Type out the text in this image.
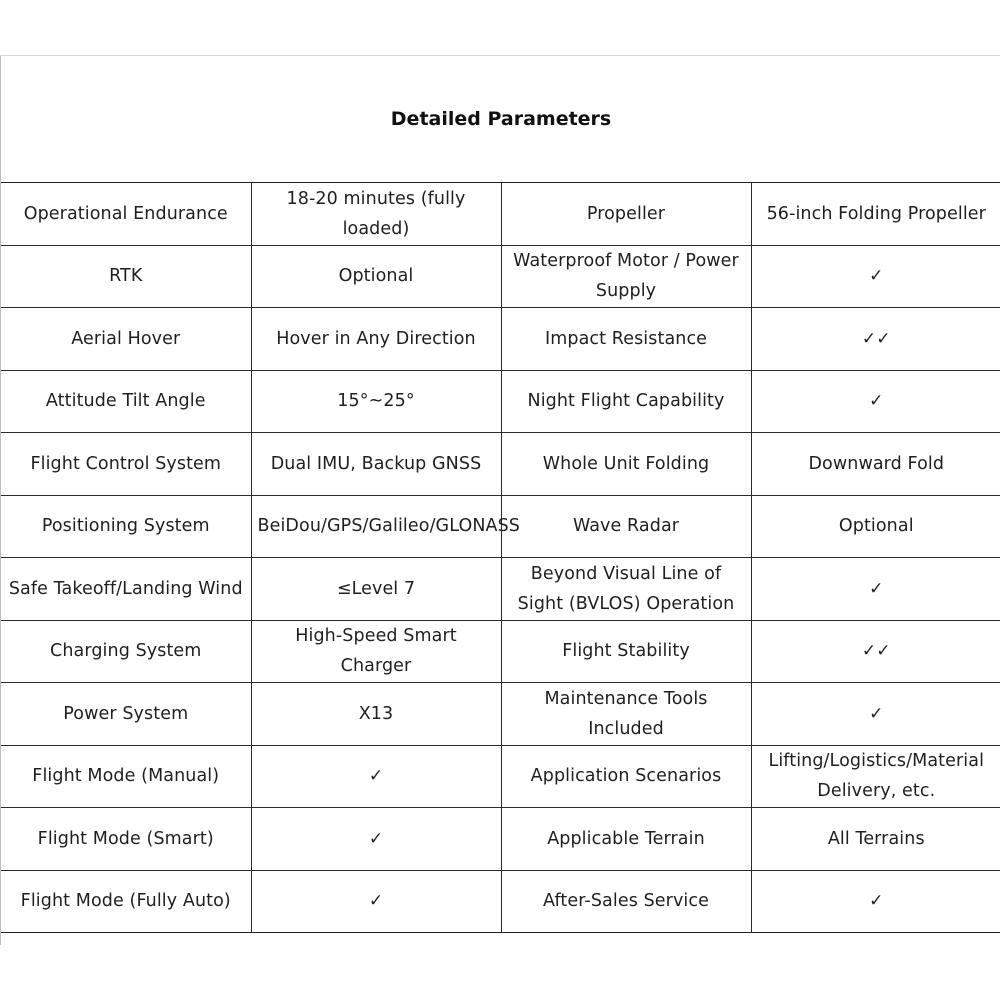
Detailed Parameters			
Operational Endurance	18-20 minutes (fully loaded)	Propeller	56-inch Folding Propeller
RTK	Optional	Waterproof Motor / Power Supply	✓
Aerial Hover	Hover in Any Direction	Impact Resistance	✓✓
Attitude Tilt Angle	15°~25°	Night Flight Capability	✓
Flight Control System	Dual IMU, Backup GNSS	Whole Unit Folding	Downward Fold
Positioning System	BeiDou/GPS/Galileo/GLONASS	Wave Radar	Optional
Safe Takeoff/Landing Wind	≤Level 7	Beyond Visual Line of Sight (BVLOS) Operation	✓
Charging System	High-Speed Smart Charger	Flight Stability	✓✓
Power System	X13	Maintenance Tools Included	✓
Flight Mode (Manual)	✓	Application Scenarios	Lifting/Logistics/Material Delivery, etc.
Flight Mode (Smart)	✓	Applicable Terrain	All Terrains
Flight Mode (Fully Auto)	✓	After-Sales Service	✓
